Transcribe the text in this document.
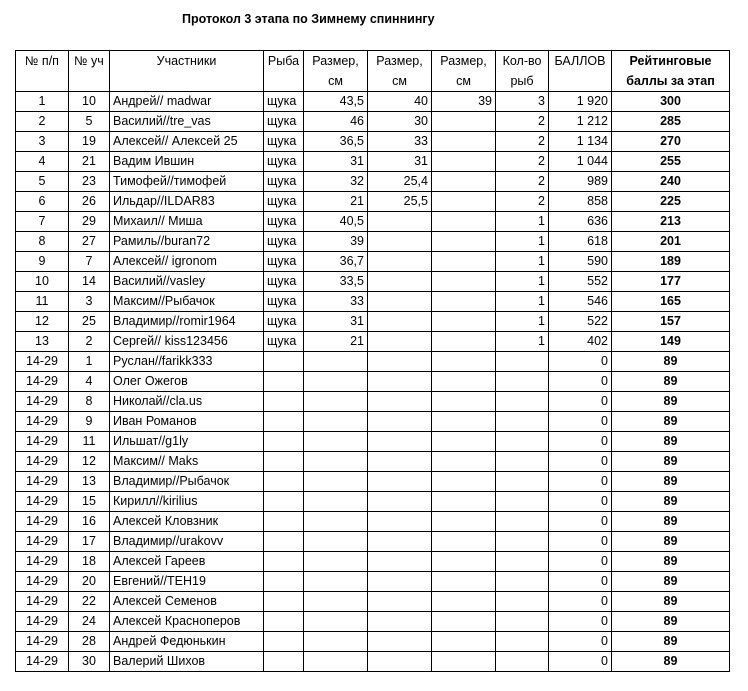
Протокол 3 этапа по Зимнему спиннингу
№ п/п	№ уч	Участники	Рыба	Размер, см	Размер, см	Размер, см	Кол-во рыб	БАЛЛОВ	Рейтинговые баллы за этап
1	10	Андрей// madwar	щука	43,5	40	39	3	1 920	300
2	5	Василий//tre_vas	щука	46	30		2	1 212	285
3	19	Алексей// Алексей 25	щука	36,5	33		2	1 134	270
4	21	Вадим Ившин	щука	31	31		2	1 044	255
5	23	Тимофей//тимофей	щука	32	25,4		2	989	240
6	26	Ильдар//ILDAR83	щука	21	25,5		2	858	225
7	29	Михаил// Миша	щука	40,5			1	636	213
8	27	Рамиль//buran72	щука	39			1	618	201
9	7	Алексей// igronom	щука	36,7			1	590	189
10	14	Василий//vasley	щука	33,5			1	552	177
11	3	Максим//Рыбачок	щука	33			1	546	165
12	25	Владимир//romir1964	щука	31			1	522	157
13	2	Сергей// kiss123456	щука	21			1	402	149
14-29	1	Руслан//farikk333						0	89
14-29	4	Олег Ожегов						0	89
14-29	8	Николай//cla.us						0	89
14-29	9	Иван Романов						0	89
14-29	11	Ильшат//g1ly						0	89
14-29	12	Максим// Maks						0	89
14-29	13	Владимир//Рыбачок						0	89
14-29	15	Кирилл//kirilius						0	89
14-29	16	Алексей Кловзник						0	89
14-29	17	Владимир//urakovv						0	89
14-29	18	Алексей Гареев						0	89
14-29	20	Евгений//TEH19						0	89
14-29	22	Алексей Семенов						0	89
14-29	24	Алексей Красноперов						0	89
14-29	28	Андрей Федюнькин						0	89
14-29	30	Валерий Шихов						0	89
